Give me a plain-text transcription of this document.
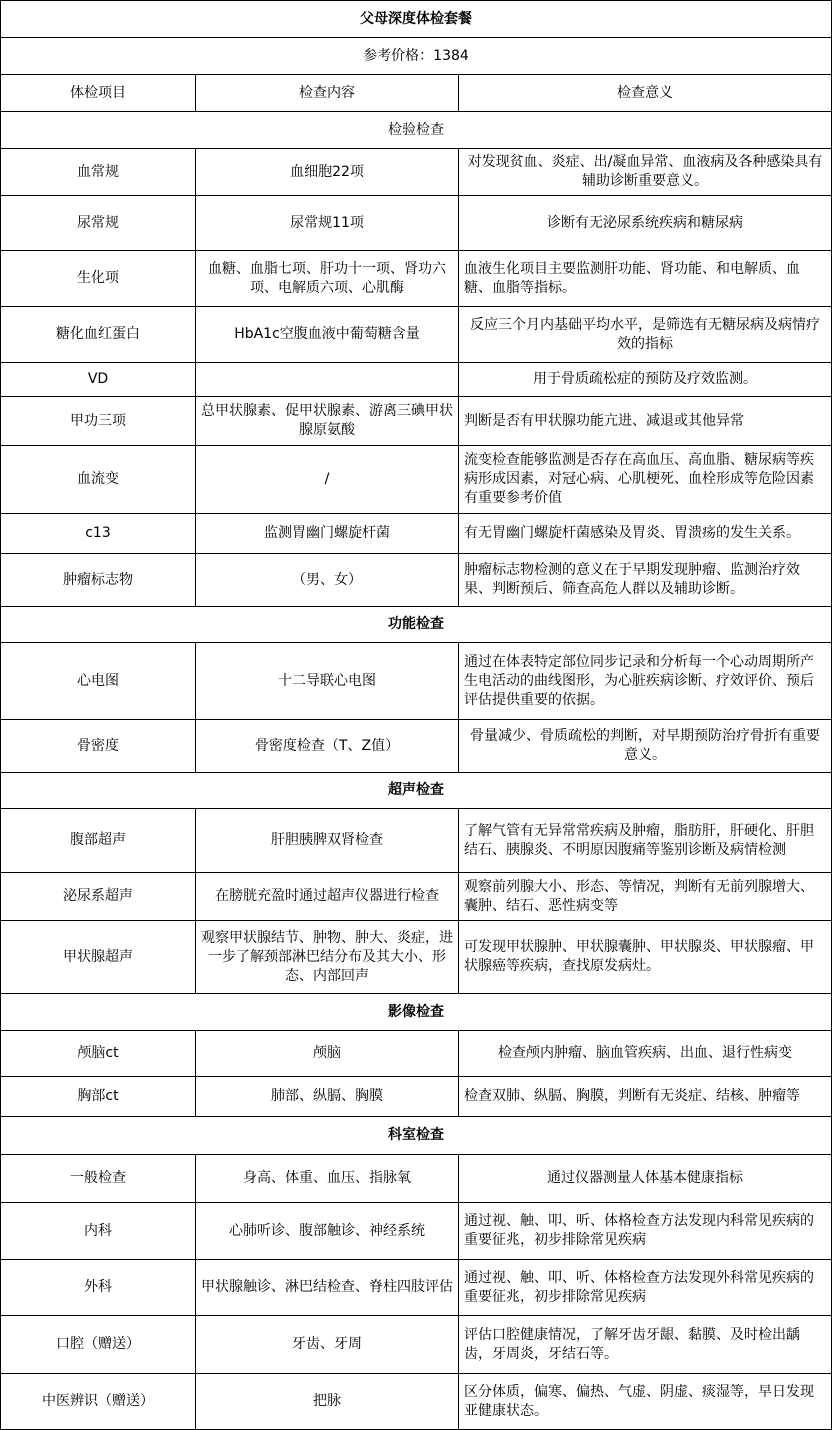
父母深度体检套餐		
参考价格：1384		
体检项目	检查内容	检查意义
检验检查		
血常规	血细胞22项	对发现贫血、炎症、出/凝血异常、血液病及各种感染具有辅助诊断重要意义。
尿常规	尿常规11项	诊断有无泌尿系统疾病和糖尿病
生化项	血糖、血脂七项、肝功十一项、肾功六项、电解质六项、心肌酶	血液生化项目主要监测肝功能、肾功能、和电解质、血糖、血脂等指标。
糖化血红蛋白	HbA1c空腹血液中葡萄糖含量	反应三个月内基础平均水平，是筛选有无糖尿病及病情疗效的指标
VD		用于骨质疏松症的预防及疗效监测。
甲功三项	总甲状腺素、促甲状腺素、游离三碘甲状腺原氨酸	判断是否有甲状腺功能亢进、减退或其他异常
血流变	/	流变检查能够监测是否存在高血压、高血脂、糖尿病等疾病形成因素，对冠心病、心肌梗死、血栓形成等危险因素有重要参考价值
c13	监测胃幽门螺旋杆菌	有无胃幽门螺旋杆菌感染及胃炎、胃溃疡的发生关系。
肿瘤标志物	（男、女）	肿瘤标志物检测的意义在于早期发现肿瘤、监测治疗效果、判断预后、筛查高危人群以及辅助诊断。
功能检查		
心电图	十二导联心电图	通过在体表特定部位同步记录和分析每一个心动周期所产生电活动的曲线图形，为心脏疾病诊断、疗效评价、预后评估提供重要的依据。
骨密度	骨密度检查（T、Z值）	骨量减少、骨质疏松的判断，对早期预防治疗骨折有重要意义。
超声检查		
腹部超声	肝胆胰脾双肾检查	了解气管有无异常常疾病及肿瘤，脂肪肝，肝硬化、肝胆结石、胰腺炎、不明原因腹痛等鉴别诊断及病情检测
泌尿系超声	在膀胱充盈时通过超声仪器进行检查	观察前列腺大小、形态、等情况，判断有无前列腺增大、囊肿、结石、恶性病变等
甲状腺超声	观察甲状腺结节、肿物、肿大、炎症，进一步了解颈部淋巴结分布及其大小、形态、内部回声	可发现甲状腺肿、甲状腺囊肿、甲状腺炎、甲状腺瘤、甲状腺癌等疾病，查找原发病灶。
影像检查		
颅脑ct	颅脑	检查颅内肿瘤、脑血管疾病、出血、退行性病变
胸部ct	肺部、纵膈、胸膜	检查双肺、纵膈、胸膜，判断有无炎症、结核、肿瘤等
科室检查		
一般检查	身高、体重、血压、指脉氧	通过仪器测量人体基本健康指标
内科	心肺听诊、腹部触诊、神经系统	通过视、触、叩、听、体格检查方法发现内科常见疾病的重要征兆，初步排除常见疾病
外科	甲状腺触诊、淋巴结检查、脊柱四肢评估	通过视、触、叩、听、体格检查方法发现外科常见疾病的重要征兆，初步排除常见疾病
口腔（赠送）	牙齿、牙周	评估口腔健康情况，了解牙齿牙龈、黏膜、及时检出龋齿，牙周炎，牙结石等。
中医辨识（赠送）	把脉	区分体质，偏寒、偏热、气虚、阴虚、痰湿等，早日发现亚健康状态。
